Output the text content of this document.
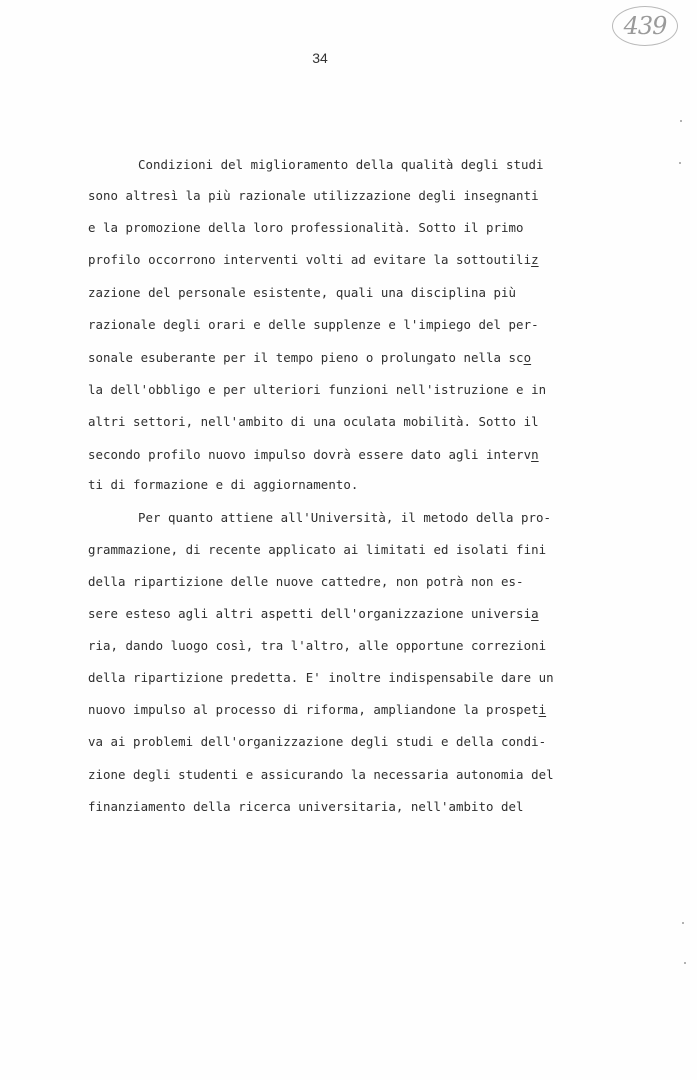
439
34
Condizioni del miglioramento della qualità degli studi
sono altresì la più razionale utilizzazione degli insegnanti
e la promozione della loro professionalità. Sotto il primo
profilo occorrono interventi volti ad evitare la sottoutiliz
zazione del personale esistente, quali una disciplina più
razionale degli orari e delle supplenze e l'impiego del per-
sonale esuberante per il tempo pieno o prolungato nella sco
la dell'obbligo e per ulteriori funzioni nell'istruzione e in
altri settori, nell'ambito di una oculata mobilità. Sotto il
secondo profilo nuovo impulso dovrà essere dato agli intervn
ti di formazione e di aggiornamento.
Per quanto attiene all'Università, il metodo della pro-
grammazione, di recente applicato ai limitati ed isolati fini
della ripartizione delle nuove cattedre, non potrà non es-
sere esteso agli altri aspetti dell'organizzazione universia
ria, dando luogo così, tra l'altro, alle opportune correzioni
della ripartizione predetta. E' inoltre indispensabile dare un
nuovo impulso al processo di riforma, ampliandone la prospeti
va ai problemi dell'organizzazione degli studi e della condi-
zione degli studenti e assicurando la necessaria autonomia del
finanziamento della ricerca universitaria, nell'ambito del
